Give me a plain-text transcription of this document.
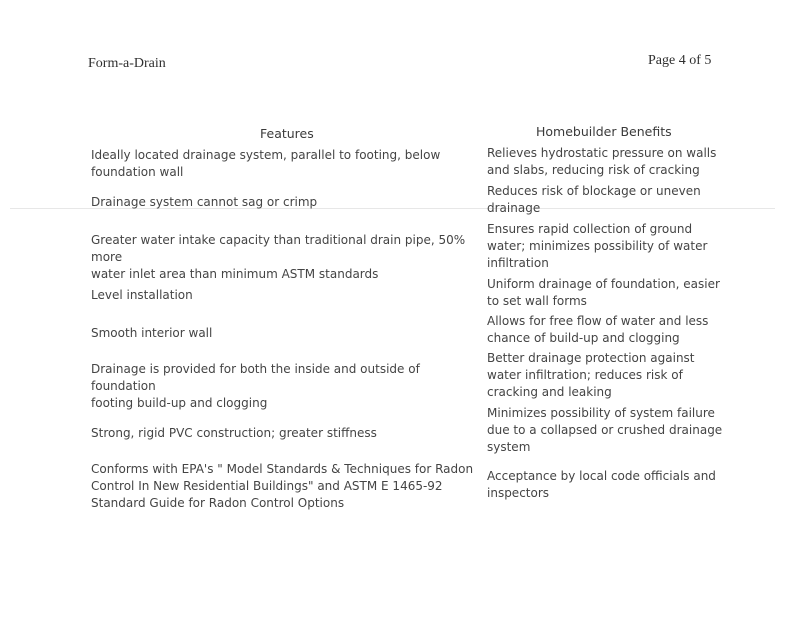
Form-a-Drain	Page 4 of 5
Features	Homebuilder Benefits
Ideally located drainage system, parallel to footing, below
foundation wall
Relieves hydrostatic pressure on walls
and slabs, reducing risk of cracking
Drainage system cannot sag or crimp
Reduces risk of blockage or uneven
drainage
Greater water intake capacity than traditional drain pipe, 50% more
water inlet area than minimum ASTM standards
Ensures rapid collection of ground
water; minimizes possibility of water
infiltration
Level installation
Uniform drainage of foundation, easier
to set wall forms
Smooth interior wall
Allows for free flow of water and less
chance of build-up and clogging
Drainage is provided for both the inside and outside of foundation
footing build-up and clogging
Better drainage protection against
water infiltration; reduces risk of
cracking and leaking
Strong, rigid PVC construction; greater stiffness
Minimizes possibility of system failure
due to a collapsed or crushed drainage
system
Conforms with EPA's " Model Standards & Techniques for Radon
Control In New Residential Buildings" and ASTM E 1465-92
Standard Guide for Radon Control Options
Acceptance by local code officials and
inspectors
